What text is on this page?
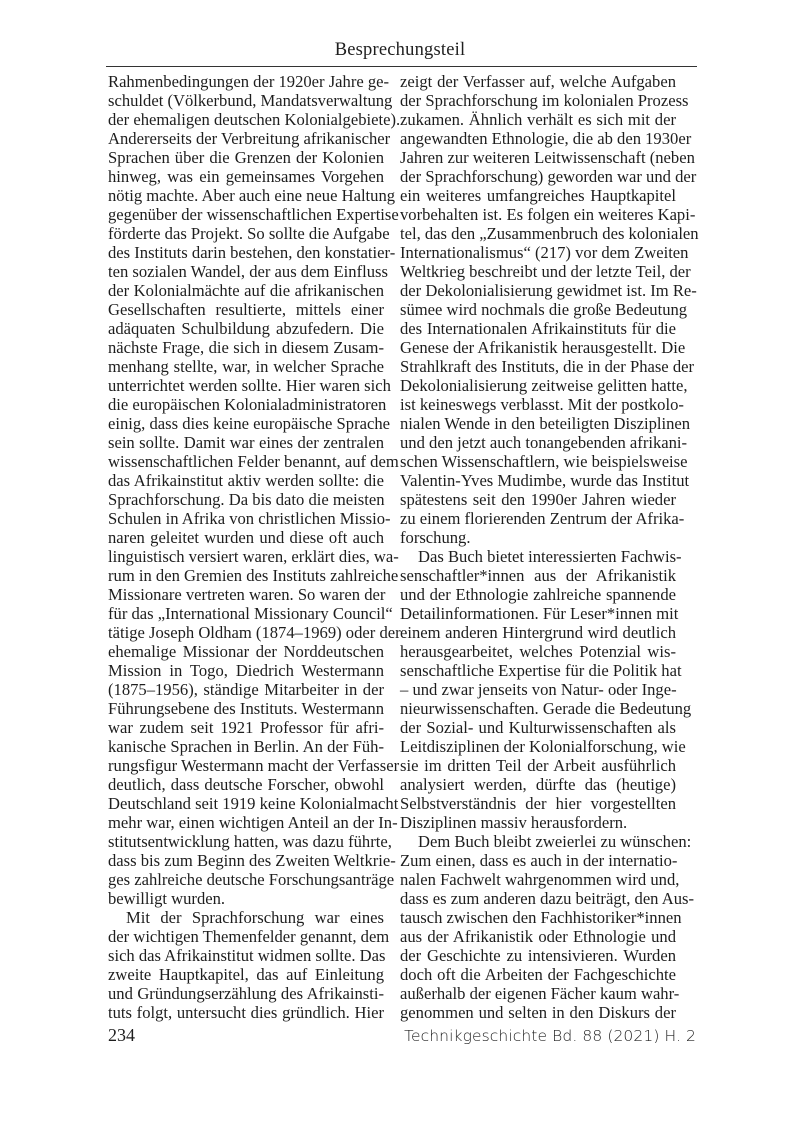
Besprechungsteil
Rahmenbedingungen der 1920er Jahre ge-
schuldet (Völkerbund, Mandatsverwaltung
der ehemaligen deutschen Kolonialgebiete).
Andererseits der Verbreitung afrikanischer
Sprachen über die Grenzen der Kolonien
hinweg, was ein gemeinsames Vorgehen
nötig machte. Aber auch eine neue Haltung
gegenüber der wissenschaftlichen Expertise
förderte das Projekt. So sollte die Aufgabe
des Instituts darin bestehen, den konstatier-
ten sozialen Wandel, der aus dem Einfluss
der Kolonialmächte auf die afrikanischen
Gesellschaften resultierte, mittels einer
adäquaten Schulbildung abzufedern. Die
nächste Frage, die sich in diesem Zusam-
menhang stellte, war, in welcher Sprache
unterrichtet werden sollte. Hier waren sich
die europäischen Kolonialadministratoren
einig, dass dies keine europäische Sprache
sein sollte. Damit war eines der zentralen
wissenschaftlichen Felder benannt, auf dem
das Afrikainstitut aktiv werden sollte: die
Sprachforschung. Da bis dato die meisten
Schulen in Afrika von christlichen Missio-
naren geleitet wurden und diese oft auch
linguistisch versiert waren, erklärt dies, wa-
rum in den Gremien des Instituts zahlreiche
Missionare vertreten waren. So waren der
für das „International Missionary Council“
tätige Joseph Oldham (1874–1969) oder der
ehemalige Missionar der Norddeutschen
Mission in Togo, Diedrich Westermann
(1875–1956), ständige Mitarbeiter in der
Führungsebene des Instituts. Westermann
war zudem seit 1921 Professor für afri-
kanische Sprachen in Berlin. An der Füh-
rungsfigur Westermann macht der Verfasser
deutlich, dass deutsche Forscher, obwohl
Deutschland seit 1919 keine Kolonialmacht
mehr war, einen wichtigen Anteil an der In-
stitutsentwicklung hatten, was dazu führte,
dass bis zum Beginn des Zweiten Weltkrie-
ges zahlreiche deutsche Forschungsanträge
bewilligt wurden.
Mit der Sprachforschung war eines
der wichtigen Themenfelder genannt, dem
sich das Afrikainstitut widmen sollte. Das
zweite Hauptkapitel, das auf Einleitung
und Gründungserzählung des Afrikainsti-
tuts folgt, untersucht dies gründlich. Hier
zeigt der Verfasser auf, welche Aufgaben
der Sprachforschung im kolonialen Prozess
zukamen. Ähnlich verhält es sich mit der
angewandten Ethnologie, die ab den 1930er
Jahren zur weiteren Leitwissenschaft (neben
der Sprachforschung) geworden war und der
ein weiteres umfangreiches Hauptkapitel
vorbehalten ist. Es folgen ein weiteres Kapi-
tel, das den „Zusammenbruch des kolonialen
Internationalismus“ (217) vor dem Zweiten
Weltkrieg beschreibt und der letzte Teil, der
der Dekolonialisierung gewidmet ist. Im Re-
sümee wird nochmals die große Bedeutung
des Internationalen Afrikainstituts für die
Genese der Afrikanistik herausgestellt. Die
Strahlkraft des Instituts, die in der Phase der
Dekolonialisierung zeitweise gelitten hatte,
ist keineswegs verblasst. Mit der postkolo-
nialen Wende in den beteiligten Disziplinen
und den jetzt auch tonangebenden afrikani-
schen Wissenschaftlern, wie beispielsweise
Valentin-Yves Mudimbe, wurde das Institut
spätestens seit den 1990er Jahren wieder
zu einem florierenden Zentrum der Afrika-
forschung.
Das Buch bietet interessierten Fachwis-
senschaftler*innen aus der Afrikanistik
und der Ethnologie zahlreiche spannende
Detailinformationen. Für Leser*innen mit
einem anderen Hintergrund wird deutlich
herausgearbeitet, welches Potenzial wis-
senschaftliche Expertise für die Politik hat
– und zwar jenseits von Natur- oder Inge-
nieurwissenschaften. Gerade die Bedeutung
der Sozial- und Kulturwissenschaften als
Leitdisziplinen der Kolonialforschung, wie
sie im dritten Teil der Arbeit ausführlich
analysiert werden, dürfte das (heutige)
Selbstverständnis der hier vorgestellten
Disziplinen massiv herausfordern.
Dem Buch bleibt zweierlei zu wünschen:
Zum einen, dass es auch in der internatio-
nalen Fachwelt wahrgenommen wird und,
dass es zum anderen dazu beiträgt, den Aus-
tausch zwischen den Fachhistoriker*innen
aus der Afrikanistik oder Ethnologie und
der Geschichte zu intensivieren. Wurden
doch oft die Arbeiten der Fachgeschichte
außerhalb der eigenen Fächer kaum wahr-
genommen und selten in den Diskurs der
234	Technikgeschichte Bd. 88 (2021) H. 2
